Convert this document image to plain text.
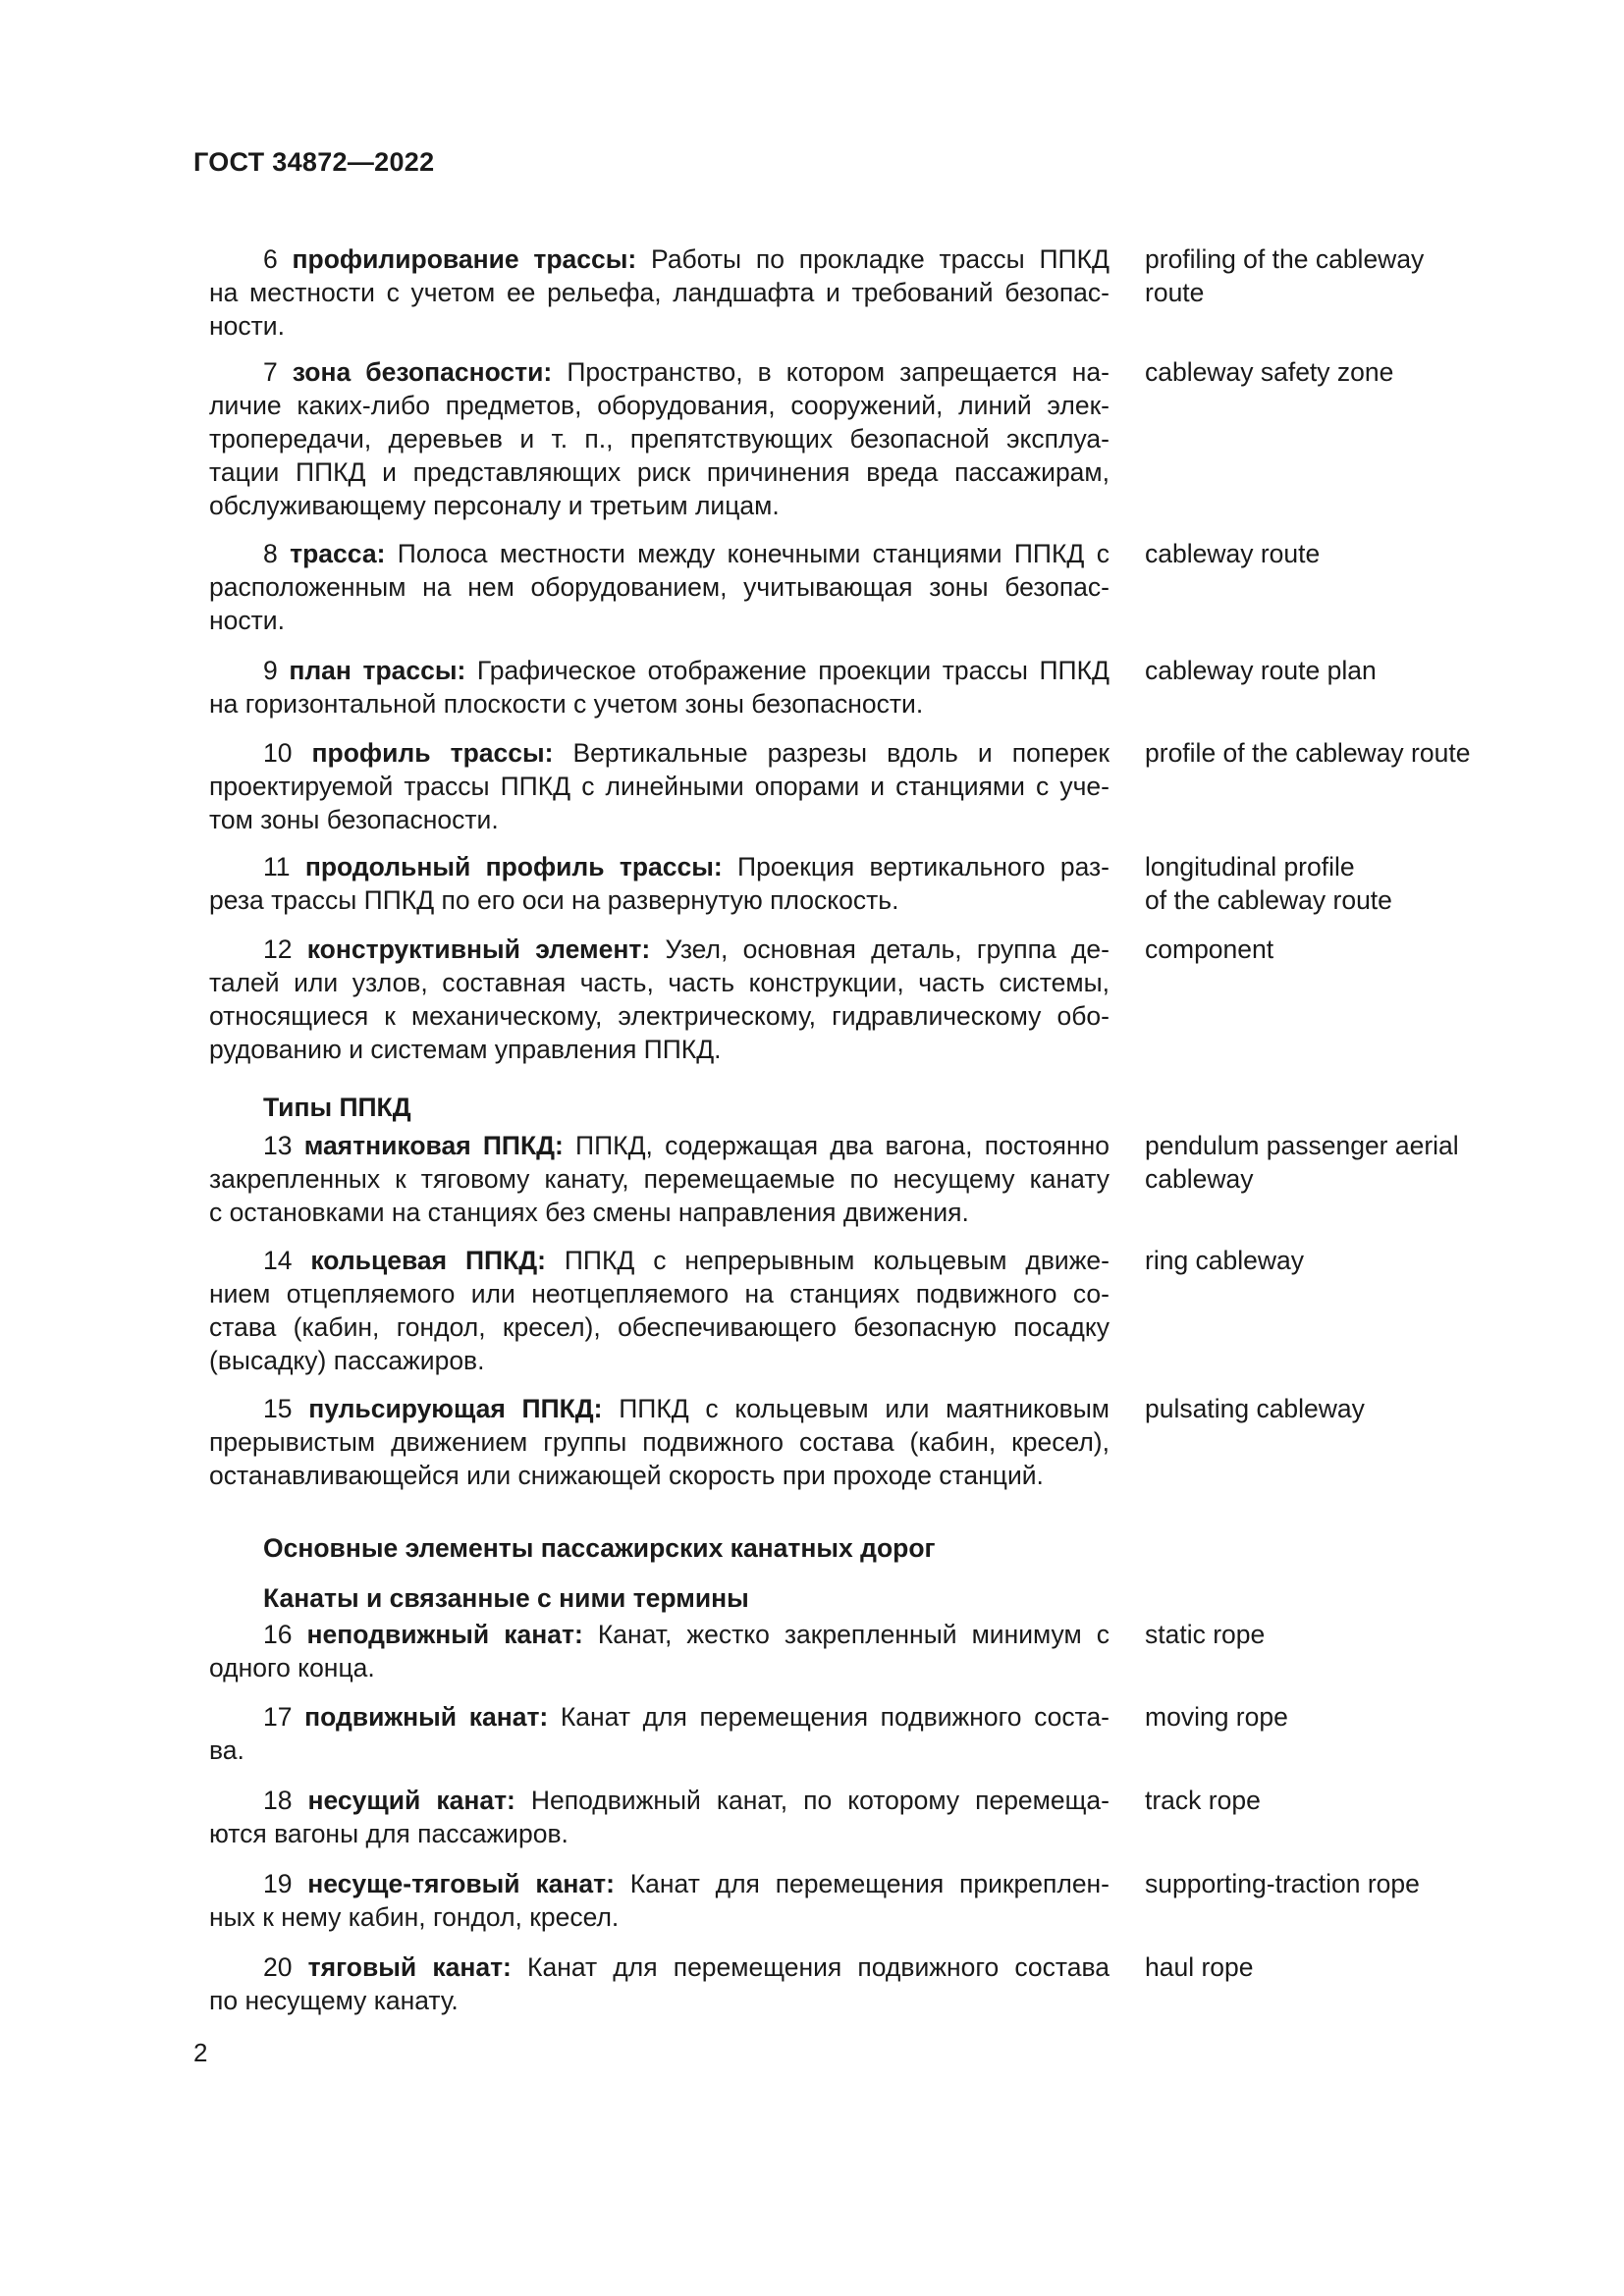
ГОСТ 34872—2022
6 профилирование трассы: Работы по прокладке трассы ППКД
на местности с учетом ее рельефа, ландшафта и требований безопас-
ности.
profiling of the cableway
route
7 зона безопасности: Пространство, в котором запрещается на-
личие каких-либо предметов, оборудования, сооружений, линий элек-
тропередачи, деревьев и т. п., препятствующих безопасной эксплуа-
тации ППКД и представляющих риск причинения вреда пассажирам,
обслуживающему персоналу и третьим лицам.
cableway safety zone
8 трасса: Полоса местности между конечными станциями ППКД с
расположенным на нем оборудованием, учитывающая зоны безопас-
ности.
cableway route
9 план трассы: Графическое отображение проекции трассы ППКД
на горизонтальной плоскости с учетом зоны безопасности.
cableway route plan
10 профиль трассы: Вертикальные разрезы вдоль и поперек
проектируемой трассы ППКД с линейными опорами и станциями с уче-
том зоны безопасности.
profile of the cableway route
11 продольный профиль трассы: Проекция вертикального раз-
реза трассы ППКД по его оси на развернутую плоскость.
longitudinal profile
of the cableway route
12 конструктивный элемент: Узел, основная деталь, группа де-
талей или узлов, составная часть, часть конструкции, часть системы,
относящиеся к механическому, электрическому, гидравлическому обо-
рудованию и системам управления ППКД.
component
13 маятниковая ППКД: ППКД, содержащая два вагона, постоянно
закрепленных к тяговому канату, перемещаемые по несущему канату
с остановками на станциях без смены направления движения.
pendulum passenger aerial
cableway
14 кольцевая ППКД: ППКД с непрерывным кольцевым движе-
нием отцепляемого или неотцепляемого на станциях подвижного со-
става (кабин, гондол, кресел), обеспечивающего безопасную посадку
(высадку) пассажиров.
ring cableway
15 пульсирующая ППКД: ППКД с кольцевым или маятниковым
прерывистым движением группы подвижного состава (кабин, кресел),
останавливающейся или снижающей скорость при проходе станций.
pulsating cableway
16 неподвижный канат: Канат, жестко закрепленный минимум с
одного конца.
static rope
17 подвижный канат: Канат для перемещения подвижного соста-
ва.
moving rope
18 несущий канат: Неподвижный канат, по которому перемеща-
ются вагоны для пассажиров.
track rope
19 несуще-тяговый канат: Канат для перемещения прикреплен-
ных к нему кабин, гондол, кресел.
supporting-traction rope
20 тяговый канат: Канат для перемещения подвижного состава
по несущему канату.
haul rope
Типы ППКД
Основные элементы пассажирских канатных дорог
Канаты и связанные с ними термины
2
